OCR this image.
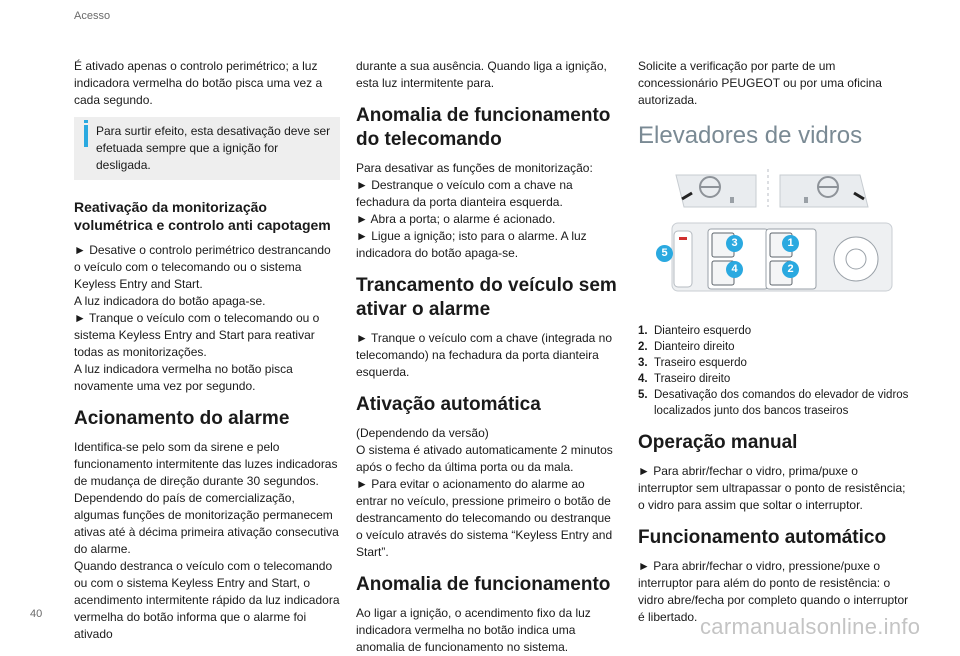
Acesso

É ativado apenas o controlo perimétrico; a luz indicadora vermelha do botão pisca uma vez a cada segundo.

Para surtir efeito, esta desativação deve ser efetuada sempre que a ignição for desligada.
Reativação da monitorização volumétrica e controlo anti capotagem

► Desative o controlo perimétrico destrancando o veículo com o telecomando ou o sistema Keyless Entry and Start.

A luz indicadora do botão apaga-se.

► Tranque o veículo com o telecomando ou o sistema Keyless Entry and Start para reativar todas as monitorizações.

A luz indicadora vermelha no botão pisca novamente uma vez por segundo.

Acionamento do alarme

Identifica-se pelo som da sirene e pelo funcionamento intermitente das luzes indicadoras de mudança de direção durante 30 segundos.

Dependendo do país de comercialização, algumas funções de monitorização permanecem ativas até à décima primeira ativação consecutiva do alarme.

Quando destranca o veículo com o telecomando ou com o sistema Keyless Entry and Start, o acendimento intermitente rápido da luz indicadora vermelha do botão informa que o alarme foi ativado

durante a sua ausência. Quando liga a ignição, esta luz intermitente para.

Anomalia de funcionamento do telecomando

Para desativar as funções de monitorização:

► Destranque o veículo com a chave na fechadura da porta dianteira esquerda.

► Abra a porta; o alarme é acionado.

► Ligue a ignição; isto para o alarme. A luz indicadora do botão apaga-se.

Trancamento do veículo sem ativar o alarme

► Tranque o veículo com a chave (integrada no telecomando) na fechadura da porta dianteira esquerda.

Ativação automática

(Dependendo da versão)

O sistema é ativado automaticamente 2 minutos após o fecho da última porta ou da mala.

► Para evitar o acionamento do alarme ao entrar no veículo, pressione primeiro o botão de destrancamento do telecomando ou destranque o veículo através do sistema “Keyless Entry and Start”.

Anomalia de funcionamento

Ao ligar a ignição, o acendimento fixo da luz indicadora vermelha no botão indica uma anomalia de funcionamento no sistema.

Solicite a verificação por parte de um concessionário PEUGEOT ou por uma oficina autorizada.

Elevadores de vidros
1
2
3
4
5
1. Dianteiro esquerdo
2. Dianteiro direito
3. Traseiro esquerdo
4. Traseiro direito
5. Desativação dos comandos do elevador de vidros localizados junto dos bancos traseiros
Operação manual

► Para abrir/fechar o vidro, prima/puxe o interruptor sem ultrapassar o ponto de resistência; o vidro para assim que soltar o interruptor.

Funcionamento automático

► Para abrir/fechar o vidro, pressione/puxe o interruptor para além do ponto de resistência: o vidro abre/fecha por completo quando o interruptor é libertado.

40	carmanualsonline.info
